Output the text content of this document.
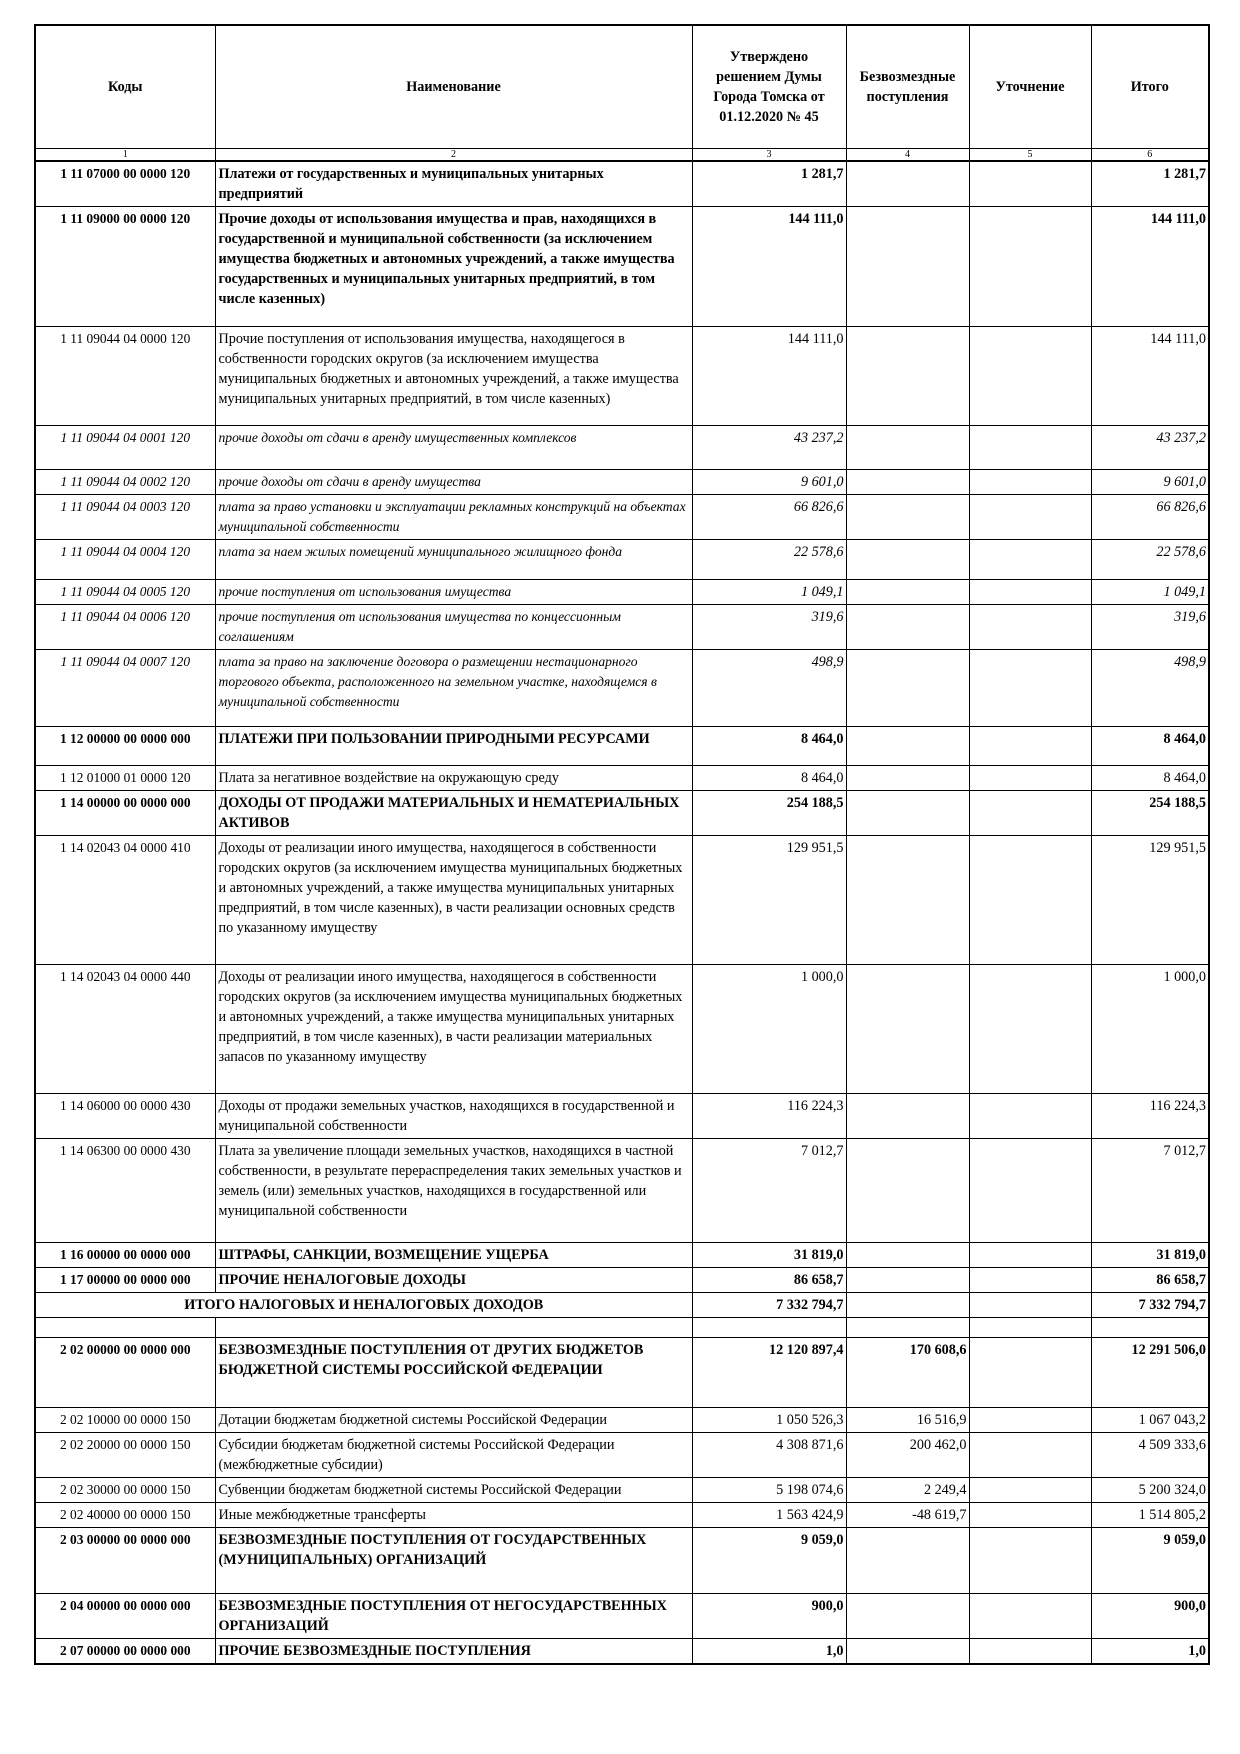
Коды	Наименование	Утверждено решением Думы Города Томска от 01.12.2020 № 45	Безвозмездные поступления	Уточнение	Итого
1	2	3	4	5	6
1 11 07000 00 0000 120	Платежи от государственных и муниципальных унитарных предприятий	1 281,7			1 281,7
1 11 09000 00 0000 120	Прочие доходы от использования имущества и прав, находящихся в государственной и муниципальной собственности (за исключением имущества бюджетных и автономных учреждений, а также имущества государственных и муниципальных унитарных предприятий, в том числе казенных)	144 111,0			144 111,0
1 11 09044 04 0000 120	Прочие поступления от использования имущества, находящегося в собственности городских округов (за исключением имущества муниципальных бюджетных и автономных учреждений, а также имущества муниципальных унитарных предприятий, в том числе казенных)	144 111,0			144 111,0
1 11 09044 04 0001 120	прочие доходы от сдачи в аренду имущественных комплексов	43 237,2			43 237,2
1 11 09044 04 0002 120	прочие доходы от сдачи в аренду имущества	9 601,0			9 601,0
1 11 09044 04 0003 120	плата за право установки и эксплуатации рекламных конструкций на объектах муниципальной собственности	66 826,6			66 826,6
1 11 09044 04 0004 120	плата за наем жилых помещений муниципального жилищного фонда	22 578,6			22 578,6
1 11 09044 04 0005 120	прочие поступления от использования имущества	1 049,1			1 049,1
1 11 09044 04 0006 120	прочие поступления от использования имущества по концессионным соглашениям	319,6			319,6
1 11 09044 04 0007 120	плата за право на заключение договора о размещении нестационарного торгового объекта, расположенного на земельном участке, находящемся в муниципальной собственности	498,9			498,9
1 12 00000 00 0000 000	ПЛАТЕЖИ ПРИ ПОЛЬЗОВАНИИ ПРИРОДНЫМИ РЕСУРСАМИ	8 464,0			8 464,0
1 12 01000 01 0000 120	Плата за негативное воздействие на окружающую среду	8 464,0			8 464,0
1 14 00000 00 0000 000	ДОХОДЫ ОТ ПРОДАЖИ МАТЕРИАЛЬНЫХ И НЕМАТЕРИАЛЬНЫХ АКТИВОВ	254 188,5			254 188,5
1 14 02043 04 0000 410	Доходы от реализации иного имущества, находящегося в собственности городских округов (за исключением имущества муниципальных бюджетных и автономных учреждений, а также имущества муниципальных унитарных предприятий, в том числе казенных), в части реализации основных средств по указанному имуществу	129 951,5			129 951,5
1 14 02043 04 0000 440	Доходы от реализации иного имущества, находящегося в собственности городских округов (за исключением имущества муниципальных бюджетных и автономных учреждений, а также имущества муниципальных унитарных предприятий, в том числе казенных), в части реализации материальных запасов по указанному имуществу	1 000,0			1 000,0
1 14 06000 00 0000 430	Доходы от продажи земельных участков, находящихся в государственной и муниципальной собственности	116 224,3			116 224,3
1 14 06300 00 0000 430	Плата за увеличение площади земельных участков, находящихся в частной собственности, в результате перераспределения таких земельных участков и земель (или) земельных участков, находящихся в государственной или муниципальной собственности	7 012,7			7 012,7
1 16 00000 00 0000 000	ШТРАФЫ, САНКЦИИ, ВОЗМЕЩЕНИЕ УЩЕРБА	31 819,0			31 819,0
1 17 00000 00 0000 000	ПРОЧИЕ НЕНАЛОГОВЫЕ ДОХОДЫ	86 658,7			86 658,7
ИТОГО НАЛОГОВЫХ И НЕНАЛОГОВЫХ ДОХОДОВ		7 332 794,7			7 332 794,7

2 02 00000 00 0000 000	БЕЗВОЗМЕЗДНЫЕ ПОСТУПЛЕНИЯ ОТ ДРУГИХ БЮДЖЕТОВ БЮДЖЕТНОЙ СИСТЕМЫ РОССИЙСКОЙ ФЕДЕРАЦИИ	12 120 897,4	170 608,6		12 291 506,0
2 02 10000 00 0000 150	Дотации бюджетам бюджетной системы Российской Федерации	1 050 526,3	16 516,9		1 067 043,2
2 02 20000 00 0000 150	Субсидии бюджетам бюджетной системы Российской Федерации (межбюджетные субсидии)	4 308 871,6	200 462,0		4 509 333,6
2 02 30000 00 0000 150	Субвенции бюджетам бюджетной системы Российской Федерации	5 198 074,6	2 249,4		5 200 324,0
2 02 40000 00 0000 150	Иные межбюджетные трансферты	1 563 424,9	-48 619,7		1 514 805,2
2 03 00000 00 0000 000	БЕЗВОЗМЕЗДНЫЕ ПОСТУПЛЕНИЯ ОТ ГОСУДАРСТВЕННЫХ (МУНИЦИПАЛЬНЫХ) ОРГАНИЗАЦИЙ	9 059,0			9 059,0
2 04 00000 00 0000 000	БЕЗВОЗМЕЗДНЫЕ ПОСТУПЛЕНИЯ ОТ НЕГОСУДАРСТВЕННЫХ ОРГАНИЗАЦИЙ	900,0			900,0
2 07 00000 00 0000 000	ПРОЧИЕ БЕЗВОЗМЕЗДНЫЕ ПОСТУПЛЕНИЯ	1,0			1,0
